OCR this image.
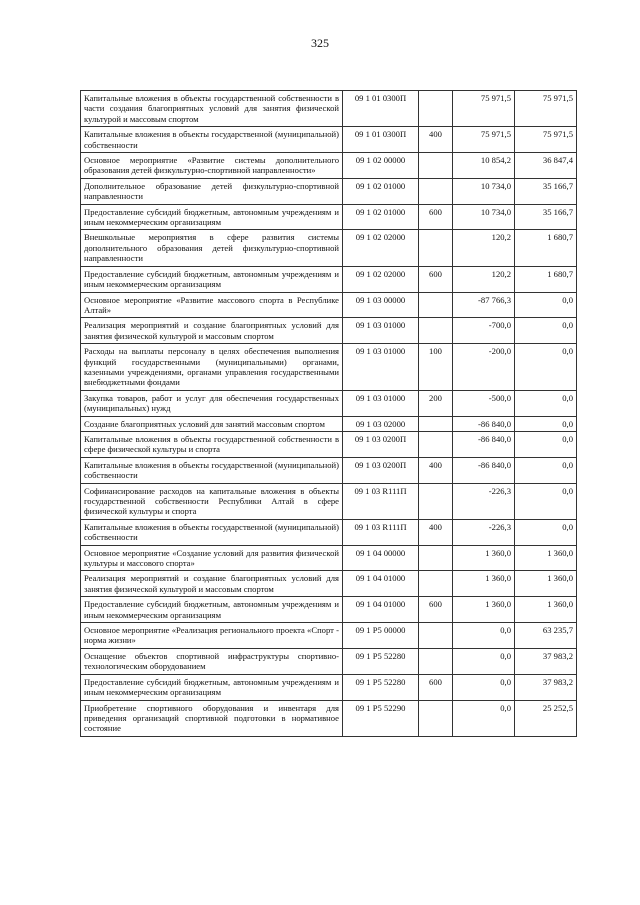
325
Капитальные вложения в объекты государственной собственности в части создания благоприятных условий для занятия физической культурой и массовым спортом	09 1 01 0300П		75 971,5	75 971,5
Капитальные вложения в объекты государственной (муниципальной) собственности	09 1 01 0300П	400	75 971,5	75 971,5
Основное мероприятие «Развитие системы дополнительного образования детей физкультурно-спортивной направленности»	09 1 02 00000		10 854,2	36 847,4
Дополнительное образование детей физкультурно-спортивной направленности	09 1 02 01000		10 734,0	35 166,7
Предоставление субсидий бюджетным, автономным учреждениям и иным некоммерческим организациям	09 1 02 01000	600	10 734,0	35 166,7
Внешкольные мероприятия в сфере развития системы дополнительного образования детей физкультурно-спортивной направленности	09 1 02 02000		120,2	1 680,7
Предоставление субсидий бюджетным, автономным учреждениям и иным некоммерческим организациям	09 1 02 02000	600	120,2	1 680,7
Основное мероприятие «Развитие массового спорта в Республике Алтай»	09 1 03 00000		-87 766,3	0,0
Реализация мероприятий и создание благоприятных условий для занятия физической культурой и массовым спортом	09 1 03 01000		-700,0	0,0
Расходы на выплаты персоналу в целях обеспечения выполнения функций государственными (муниципальными) органами, казенными учреждениями, органами управления государственными внебюджетными фондами	09 1 03 01000	100	-200,0	0,0
Закупка товаров, работ и услуг для обеспечения государственных (муниципальных) нужд	09 1 03 01000	200	-500,0	0,0
Создание благоприятных условий для занятий массовым спортом	09 1 03 02000		-86 840,0	0,0
Капитальные вложения в объекты государственной собственности в сфере физической культуры и спорта	09 1 03 0200П		-86 840,0	0,0
Капитальные вложения в объекты государственной (муниципальной) собственности	09 1 03 0200П	400	-86 840,0	0,0
Софинансирование расходов на капитальные вложения в объекты государственной собственности Республики Алтай в сфере физической культуры и спорта	09 1 03 R111П		-226,3	0,0
Капитальные вложения в объекты государственной (муниципальной) собственности	09 1 03 R111П	400	-226,3	0,0
Основное мероприятие «Создание условий для развития физической культуры и массового спорта»	09 1 04 00000		1 360,0	1 360,0
Реализация мероприятий и создание благоприятных условий для занятия физической культурой и массовым спортом	09 1 04 01000		1 360,0	1 360,0
Предоставление субсидий бюджетным, автономным учреждениям и иным некоммерческим организациям	09 1 04 01000	600	1 360,0	1 360,0
Основное мероприятие «Реализация регионального проекта «Спорт - норма жизни»	09 1 P5 00000		0,0	63 235,7
Оснащение объектов спортивной инфраструктуры спортивно-технологическим оборудованием	09 1 P5 52280		0,0	37 983,2
Предоставление субсидий бюджетным, автономным учреждениям и иным некоммерческим организациям	09 1 P5 52280	600	0,0	37 983,2
Приобретение спортивного оборудования и инвентаря для приведения организаций спортивной подготовки в нормативное состояние	09 1 P5 52290		0,0	25 252,5
